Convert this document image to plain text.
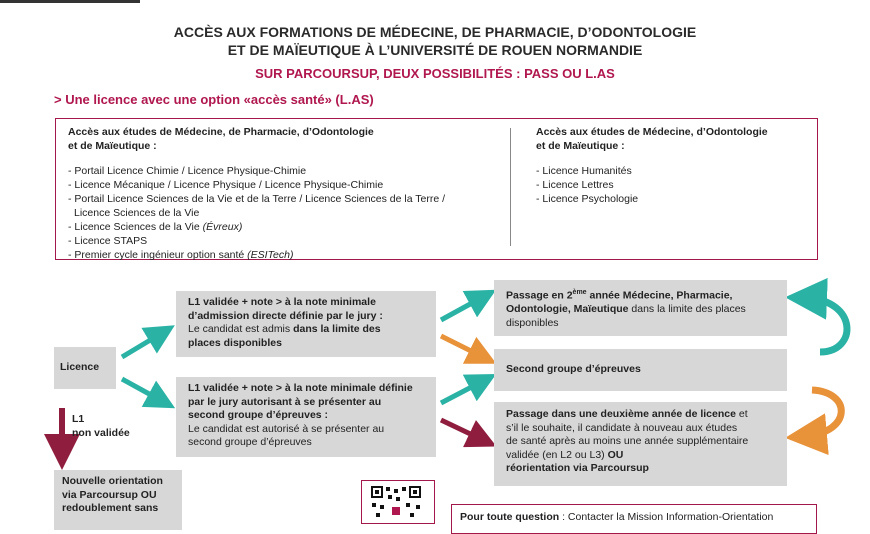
ACCÈS AUX FORMATIONS DE MÉDECINE, DE PHARMACIE, D’ODONTOLOGIE
ET DE MAÏEUTIQUE À L’UNIVERSITÉ DE ROUEN NORMANDIE
SUR PARCOURSUP, DEUX POSSIBILITÉS : PASS OU L.AS
> Une licence avec une option «accès santé» (L.AS)
Accès aux études de Médecine, de Pharmacie, d’Odontologie
et de Maïeutique :
- Portail Licence Chimie / Licence Physique-Chimie
- Licence Mécanique / Licence Physique / Licence Physique-Chimie
- Portail Licence Sciences de la Vie et de la Terre / Licence Sciences de la Terre /
Licence Sciences de la Vie
- Licence Sciences de la Vie (Évreux)
- Licence STAPS
- Premier cycle ingénieur option santé (ESITech)
Accès aux études de Médecine, d’Odontologie
et de Maïeutique :
- Licence Humanités
- Licence Lettres
- Licence Psychologie
Licence
L1
non validée
L1 validée + note > à la note minimale
d’admission directe définie par le jury :
Le candidat est admis dans la limite des
places disponibles
L1 validée + note > à la note minimale définie
par le jury autorisant à se présenter au
second groupe d’épreuves :
Le candidat est autorisé à se présenter au
second groupe d’épreuves
Passage en 2ème année Médecine, Pharmacie,
Odontologie, Maïeutique dans la limite des places
disponibles
Second groupe d’épreuves
Passage dans une deuxième année de licence et
s’il le souhaite, il candidate à nouveau aux études
de santé après au moins une année supplémentaire
validée (en L2 ou L3) OU
réorientation via Parcoursup
Nouvelle orientation
via Parcoursup OU
redoublement sans
Pour toute question : Contacter la Mission Information-Orientation
